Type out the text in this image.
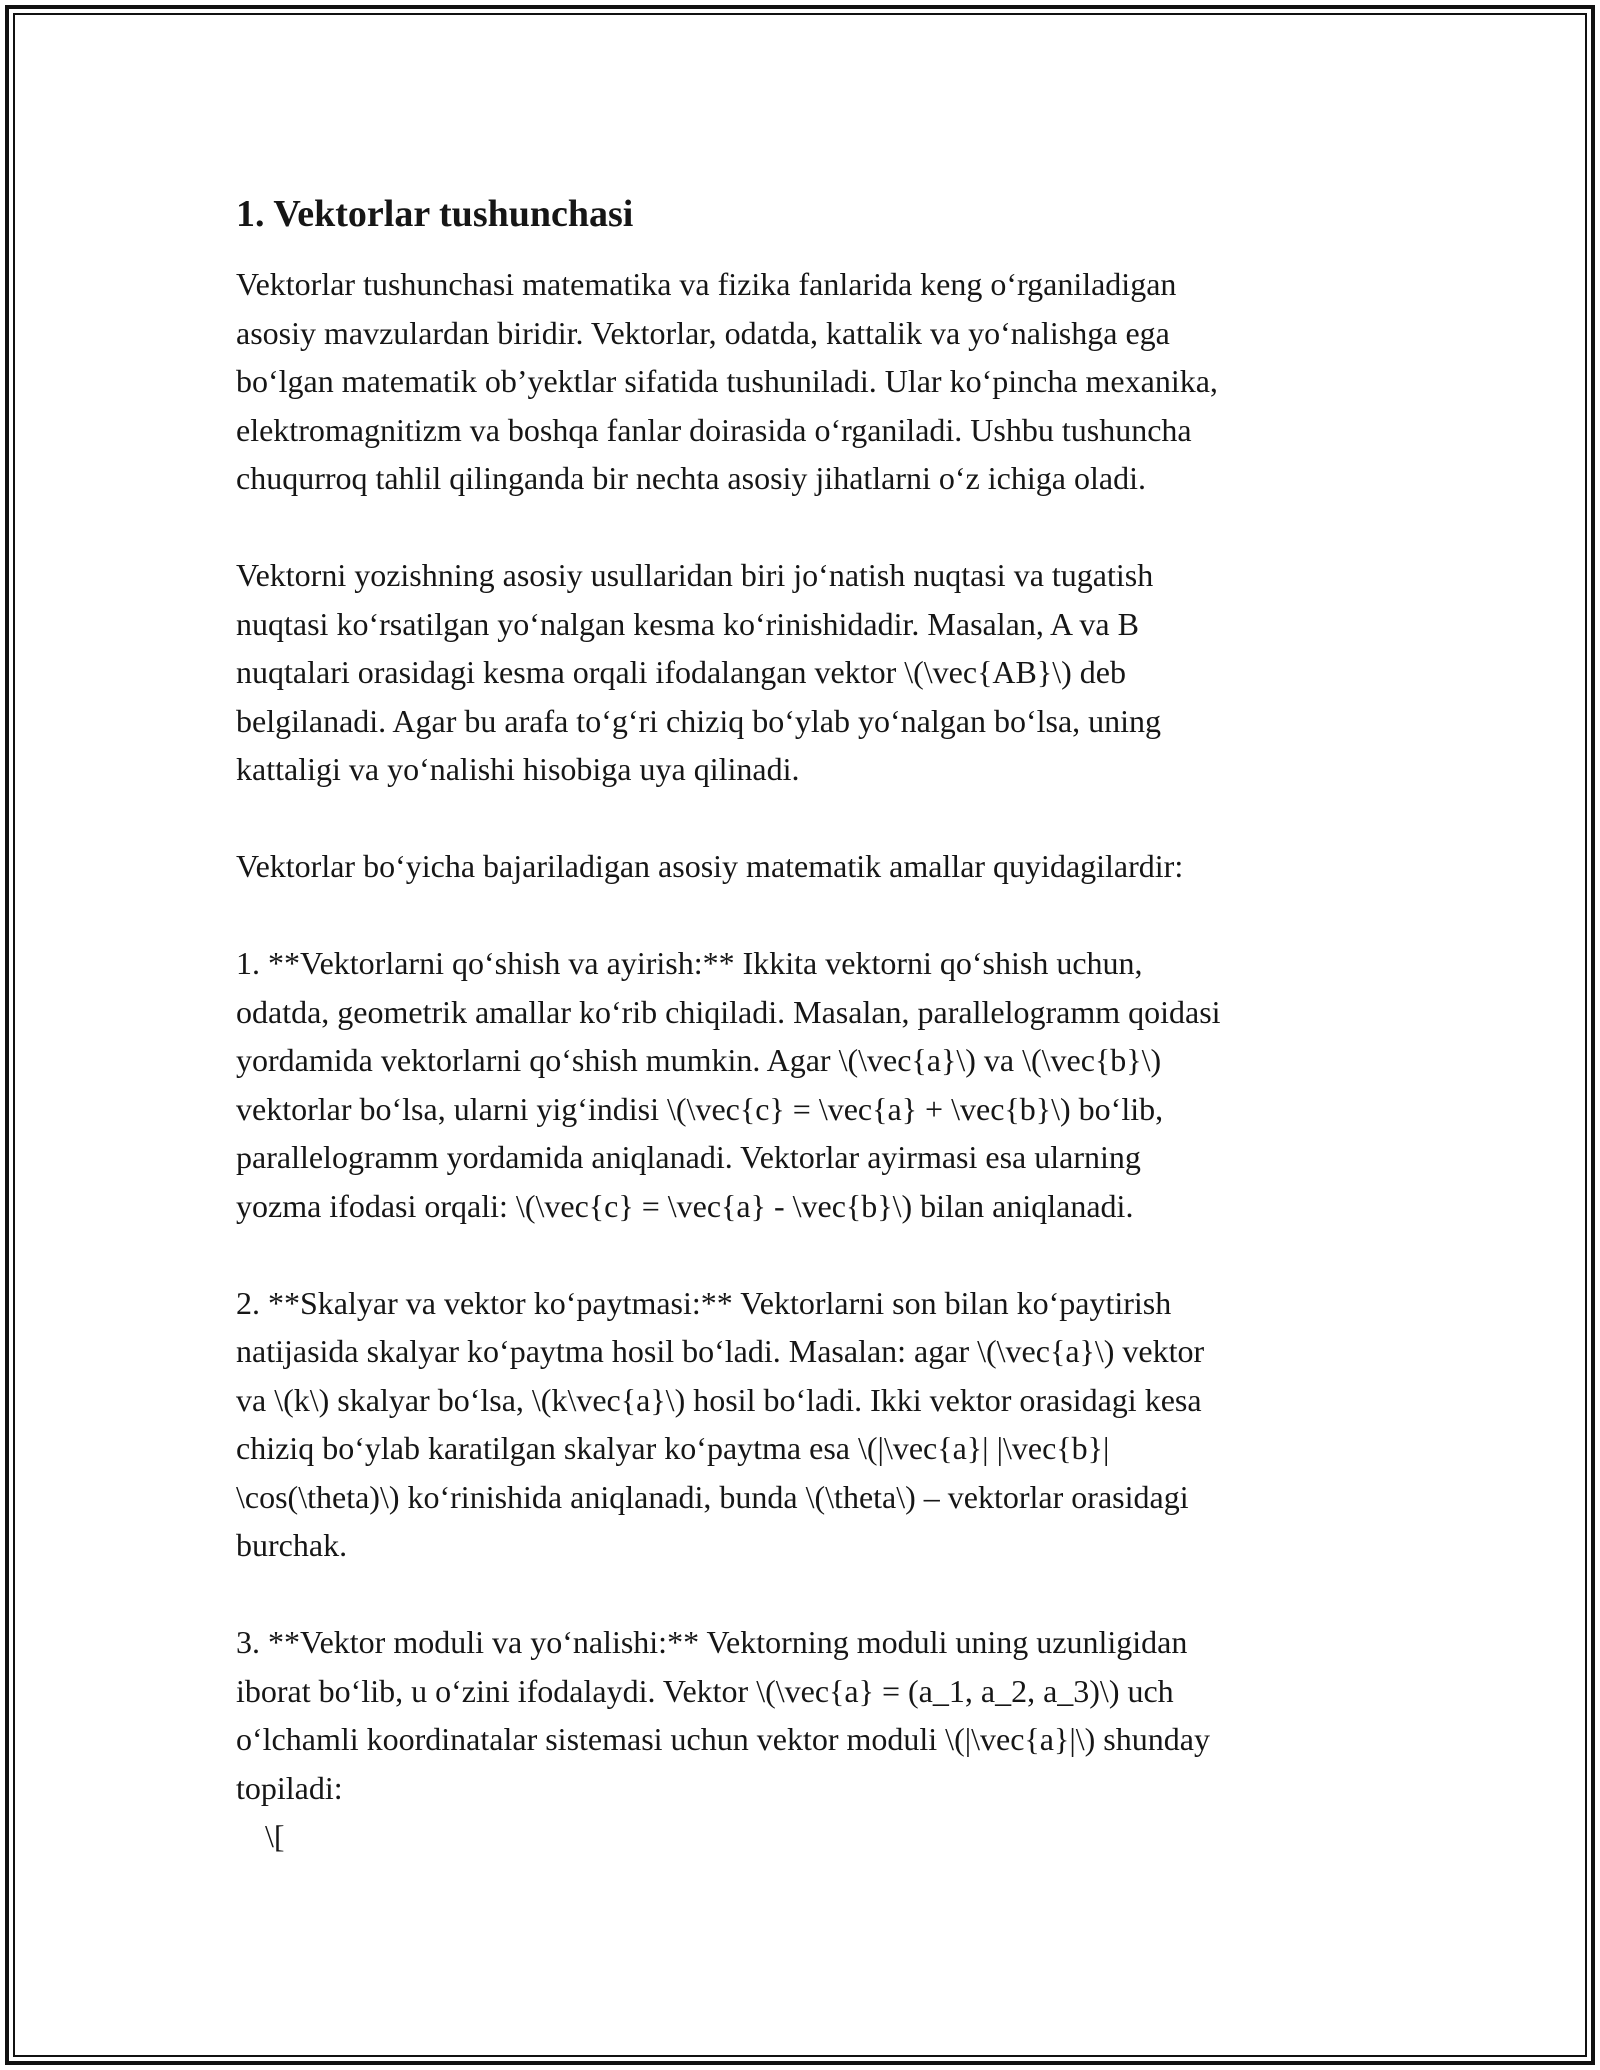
1. Vektorlar tushunchasi
Vektorlar tushunchasi matematika va fizika fanlarida keng oʻrganiladigan
asosiy mavzulardan biridir. Vektorlar, odatda, kattalik va yoʻnalishga ega
boʻlgan matematik obʼyektlar sifatida tushuniladi. Ular koʻpincha mexanika,
elektromagnitizm va boshqa fanlar doirasida oʻrganiladi. Ushbu tushuncha
chuqurroq tahlil qilinganda bir nechta asosiy jihatlarni oʻz ichiga oladi.
Vektorni yozishning asosiy usullaridan biri joʻnatish nuqtasi va tugatish
nuqtasi koʻrsatilgan yoʻnalgan kesma koʻrinishidadir. Masalan, A va B
nuqtalari orasidagi kesma orqali ifodalangan vektor \(\vec{AB}\) deb
belgilanadi. Agar bu arafa toʻgʻri chiziq boʻylab yoʻnalgan boʻlsa, uning
kattaligi va yoʻnalishi hisobiga uya qilinadi.
Vektorlar boʻyicha bajariladigan asosiy matematik amallar quyidagilardir:
1. **Vektorlarni qoʻshish va ayirish:** Ikkita vektorni qoʻshish uchun,
odatda, geometrik amallar koʻrib chiqiladi. Masalan, parallelogramm qoidasi
yordamida vektorlarni qoʻshish mumkin. Agar \(\vec{a}\) va \(\vec{b}\)
vektorlar boʻlsa, ularni yigʻindisi \(\vec{c} = \vec{a} + \vec{b}\) boʻlib,
parallelogramm yordamida aniqlanadi. Vektorlar ayirmasi esa ularning
yozma ifodasi orqali: \(\vec{c} = \vec{a} - \vec{b}\) bilan aniqlanadi.
2. **Skalyar va vektor koʻpaytmasi:** Vektorlarni son bilan koʻpaytirish
natijasida skalyar koʻpaytma hosil boʻladi. Masalan: agar \(\vec{a}\) vektor
va \(k\) skalyar boʻlsa, \(k\vec{a}\) hosil boʻladi. Ikki vektor orasidagi kesa
chiziq boʻylab karatilgan skalyar koʻpaytma esa \(|\vec{a}| |\vec{b}|
\cos(\theta)\) koʻrinishida aniqlanadi, bunda \(\theta\) – vektorlar orasidagi
burchak.
3. **Vektor moduli va yoʻnalishi:** Vektorning moduli uning uzunligidan
iborat boʻlib, u oʻzini ifodalaydi. Vektor \(\vec{a} = (a_1, a_2, a_3)\) uch
oʻlchamli koordinatalar sistemasi uchun vektor moduli \(|\vec{a}|\) shunday
topiladi:
\[
